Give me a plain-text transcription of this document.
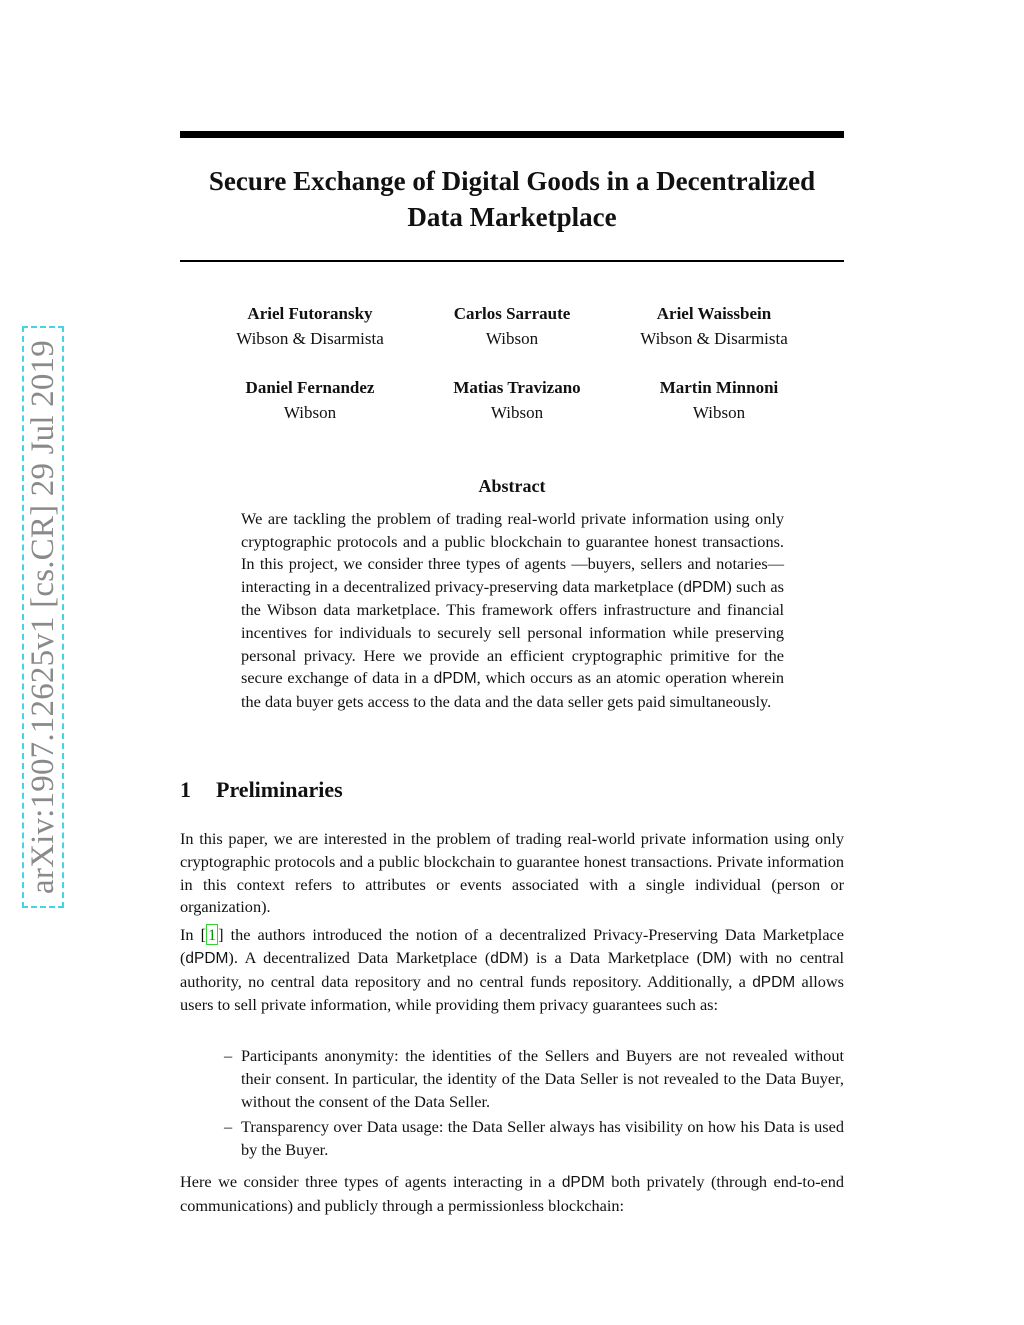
arXiv:1907.12625v1 [cs.CR] 29 Jul 2019
Secure Exchange of Digital Goods in a Decentralized
Data Marketplace
Ariel Futoransky
Wibson & Disarmista
Carlos Sarraute
Wibson
Ariel Waissbein
Wibson & Disarmista
Daniel Fernandez
Wibson
Matias Travizano
Wibson
Martin Minnoni
Wibson
Abstract
We are tackling the problem of trading real-world private information using only cryptographic protocols and a public blockchain to guarantee honest transactions. In this project, we consider three types of agents —buyers, sellers and notaries— interacting in a decentralized privacy-preserving data marketplace (dPDM) such as the Wibson data marketplace. This framework offers infrastructure and financial incentives for individuals to securely sell personal information while preserving personal privacy. Here we provide an efficient cryptographic primitive for the secure exchange of data in a dPDM, which occurs as an atomic operation wherein the data buyer gets access to the data and the data seller gets paid simultaneously.
1 Preliminaries
In this paper, we are interested in the problem of trading real-world private information using only cryptographic protocols and a public blockchain to guarantee honest transactions. Private information in this context refers to attributes or events associated with a single individual (person or organization).
In [ 1 ] the authors introduced the notion of a decentralized Privacy-Preserving Data Marketplace (dPDM). A decentralized Data Marketplace (dDM) is a Data Marketplace (DM) with no central authority, no central data repository and no central funds repository. Additionally, a dPDM allows users to sell private information, while providing them privacy guarantees such as:
– Participants anonymity: the identities of the Sellers and Buyers are not revealed without their consent. In particular, the identity of the Data Seller is not revealed to the Data Buyer, without the consent of the Data Seller.
– Transparency over Data usage: the Data Seller always has visibility on how his Data is used by the Buyer.
Here we consider three types of agents interacting in a dPDM both privately (through end-to-end communications) and publicly through a permissionless blockchain:
